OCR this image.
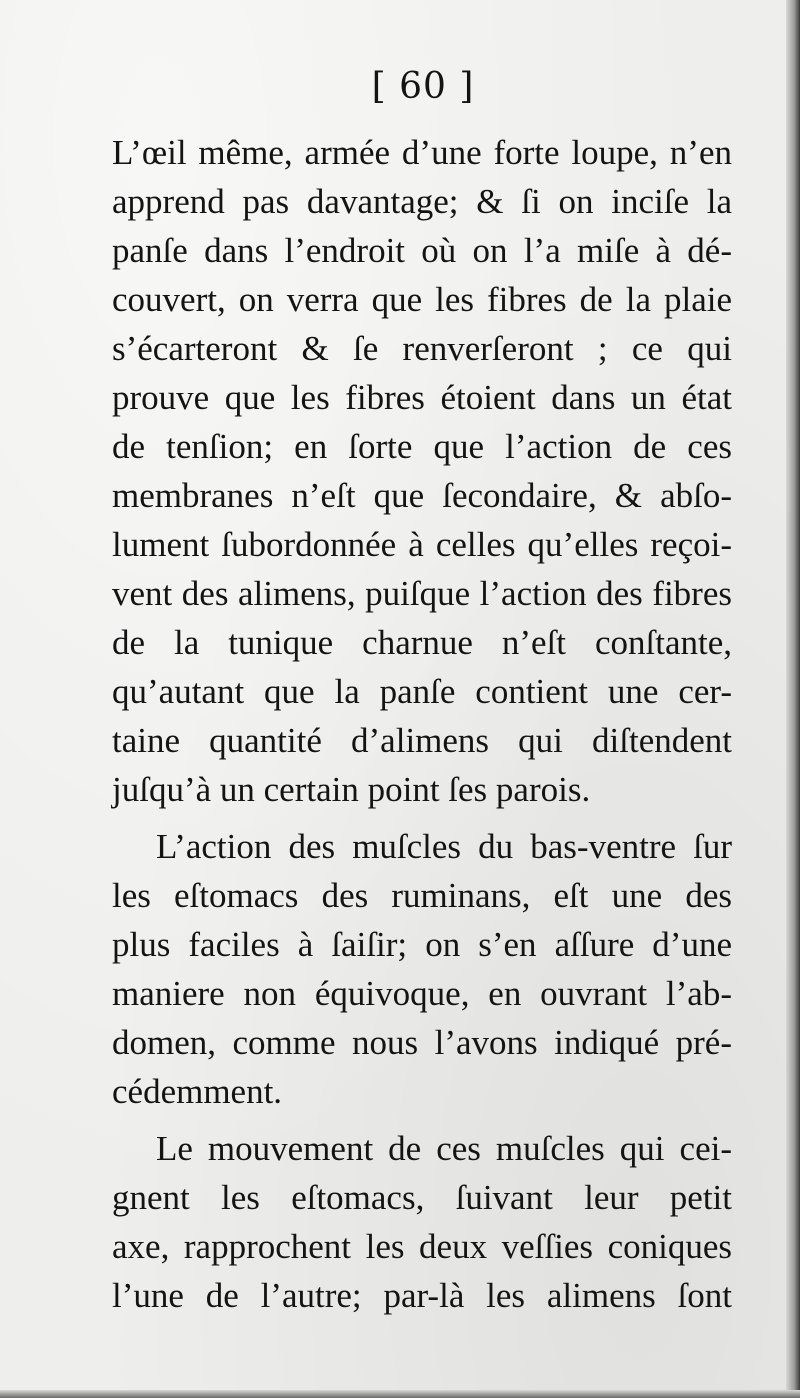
[ 60 ]
L’œil même, armée d’une forte loupe, n’en
apprend pas davantage; & ſi on inciſe la
panſe dans l’endroit où on l’a miſe à dé-
couvert, on verra que les fibres de la plaie
s’écarteront & ſe renverſeront ; ce qui
prouve que les fibres étoient dans un état
de tenſion; en ſorte que l’action de ces
membranes n’eſt que ſecondaire, & abſo-
lument ſubordonnée à celles qu’elles reçoi-
vent des alimens, puiſque l’action des fibres
de la tunique charnue n’eſt conſtante,
qu’autant que la panſe contient une cer-
taine quantité d’alimens qui diſtendent
juſqu’à un certain point ſes parois.
L’action des muſcles du bas-ventre ſur
les eſtomacs des ruminans, eſt une des
plus faciles à ſaiſir; on s’en aſſure d’une
maniere non équivoque, en ouvrant l’ab-
domen, comme nous l’avons indiqué pré-
cédemment.
Le mouvement de ces muſcles qui cei-
gnent les eſtomacs, ſuivant leur petit
axe, rapprochent les deux veſſies coniques
l’une de l’autre; par-là les alimens ſont
